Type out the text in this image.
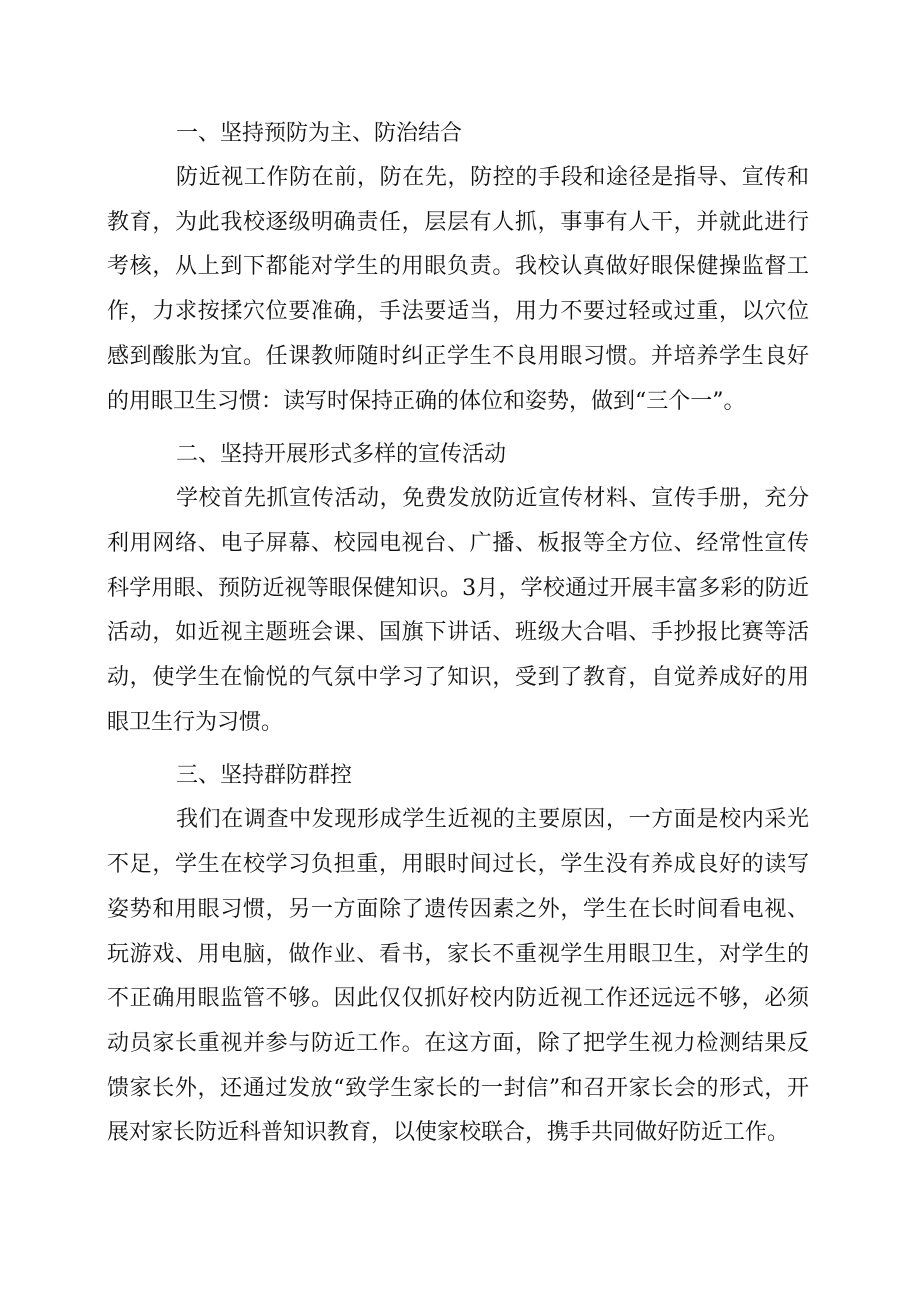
一、坚持预防为主、防治结合

防近视工作防在前，防在先，防控的手段和途径是指导、宣传和教育，为此我校逐级明确责任，层层有人抓，事事有人干，并就此进行考核，从上到下都能对学生的用眼负责。我校认真做好眼保健操监督工作，力求按揉穴位要准确，手法要适当，用力不要过轻或过重，以穴位感到酸胀为宜。任课教师随时纠正学生不良用眼习惯。并培养学生良好的用眼卫生习惯：读写时保持正确的体位和姿势，做到“三个一”。

二、坚持开展形式多样的宣传活动

学校首先抓宣传活动，免费发放防近宣传材料、宣传手册，充分利用网络、电子屏幕、校园电视台、广播、板报等全方位、经常性宣传科学用眼、预防近视等眼保健知识。3月，学校通过开展丰富多彩的防近活动，如近视主题班会课、国旗下讲话、班级大合唱、手抄报比赛等活动，使学生在愉悦的气氛中学习了知识，受到了教育，自觉养成好的用眼卫生行为习惯。

三、坚持群防群控

我们在调查中发现形成学生近视的主要原因，一方面是校内采光不足，学生在校学习负担重，用眼时间过长，学生没有养成良好的读写姿势和用眼习惯，另一方面除了遗传因素之外，学生在长时间看电视、玩游戏、用电脑，做作业、看书，家长不重视学生用眼卫生，对学生的不正确用眼监管不够。因此仅仅抓好校内防近视工作还远远不够，必须动员家长重视并参与防近工作。在这方面，除了把学生视力检测结果反馈家长外，还通过发放“致学生家长的一封信”和召开家长会的形式，开展对家长防近科普知识教育，以使家校联合，携手共同做好防近工作。
